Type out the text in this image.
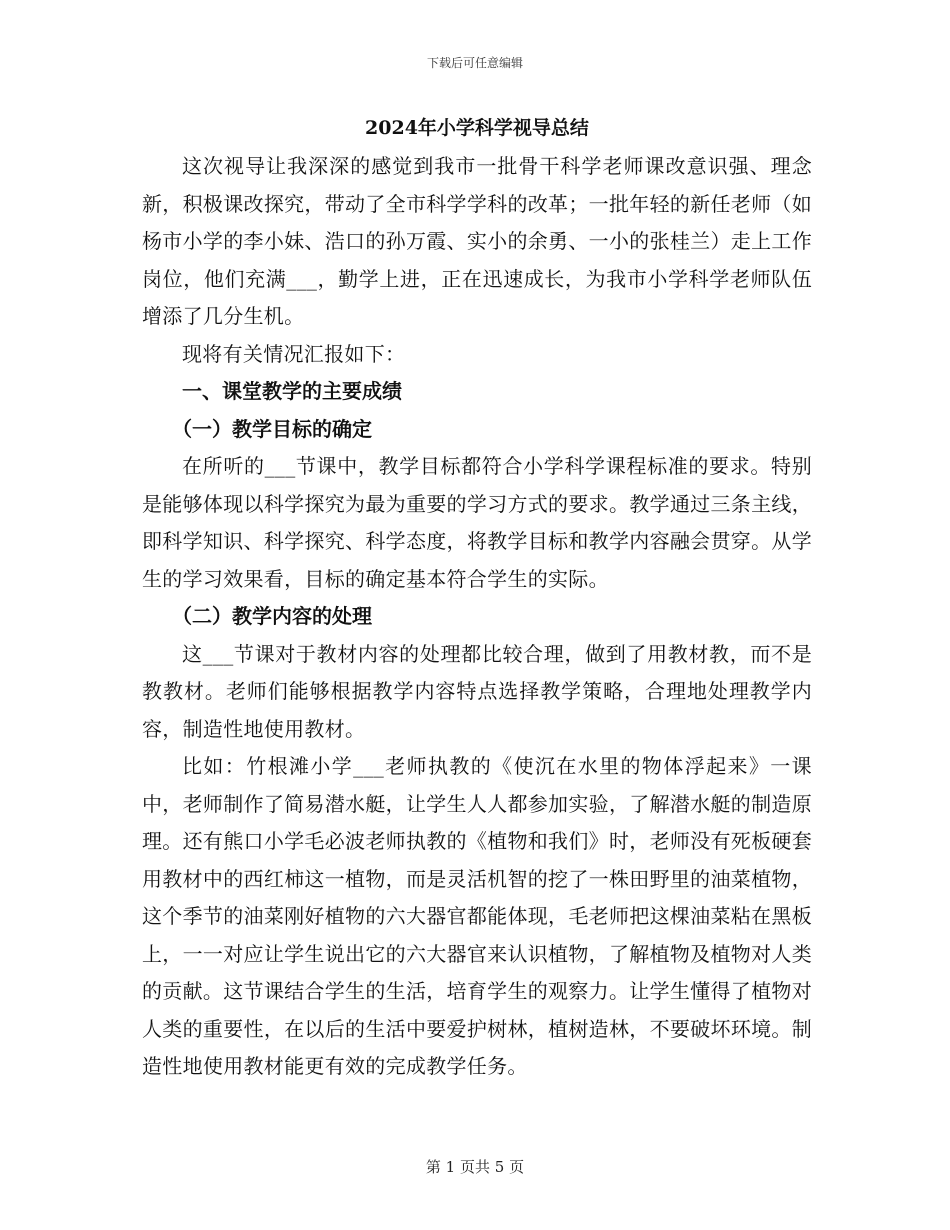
下载后可任意编辑
2024年小学科学视导总结

这次视导让我深深的感觉到我市一批骨干科学老师课改意识强、理念新，积极课改探究，带动了全市科学学科的改革；一批年轻的新任老师（如杨市小学的李小妹、浩口的孙万霞、实小的余勇、一小的张桂兰）走上工作岗位，他们充满___，勤学上进，正在迅速成长，为我市小学科学老师队伍增添了几分生机。

现将有关情况汇报如下：

一、课堂教学的主要成绩

（一）教学目标的确定

在所听的___节课中，教学目标都符合小学科学课程标准的要求。特别是能够体现以科学探究为最为重要的学习方式的要求。教学通过三条主线，即科学知识、科学探究、科学态度，将教学目标和教学内容融会贯穿。从学生的学习效果看，目标的确定基本符合学生的实际。

（二）教学内容的处理

这___节课对于教材内容的处理都比较合理，做到了用教材教，而不是教教材。老师们能够根据教学内容特点选择教学策略，合理地处理教学内容，制造性地使用教材。

比如：竹根滩小学___老师执教的《使沉在水里的物体浮起来》一课中，老师制作了简易潜水艇，让学生人人都参加实验，了解潜水艇的制造原理。还有熊口小学毛必波老师执教的《植物和我们》时，老师没有死板硬套用教材中的西红柿这一植物，而是灵活机智的挖了一株田野里的油菜植物，这个季节的油菜刚好植物的六大器官都能体现，毛老师把这棵油菜粘在黑板上，一一对应让学生说出它的六大器官来认识植物，了解植物及植物对人类的贡献。这节课结合学生的生活，培育学生的观察力。让学生懂得了植物对人类的重要性，在以后的生活中要爱护树林，植树造林，不要破坏环境。制造性地使用教材能更有效的完成教学任务。

第 1 页共 5 页
